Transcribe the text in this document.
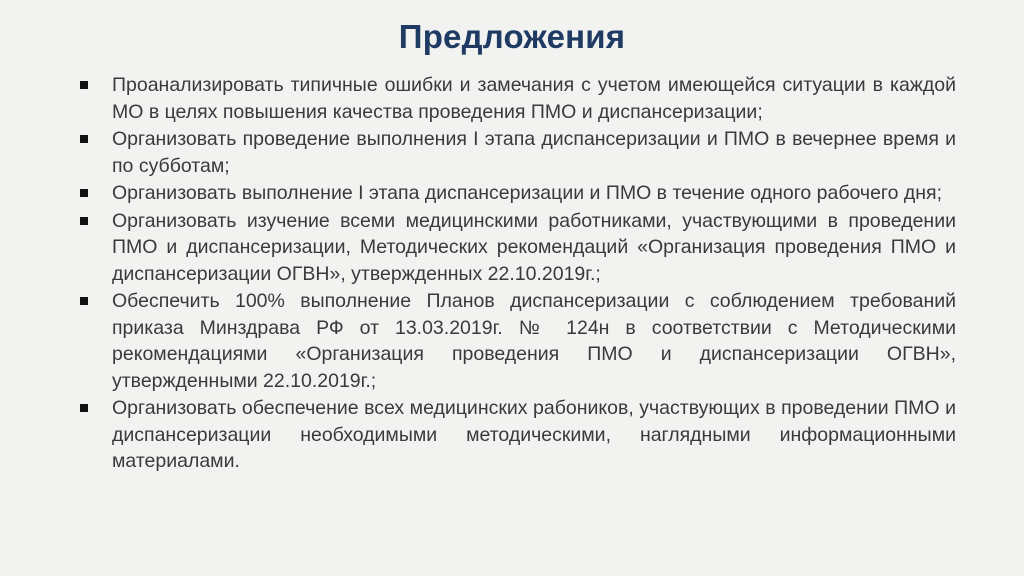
Предложения
Проанализировать типичные ошибки и замечания с учетом имеющейся ситуации в каждой МО в целях повышения качества проведения ПМО и диспансеризации;
Организовать проведение выполнения I этапа диспансеризации и ПМО в вечернее время и по субботам;
Организовать выполнение I этапа диспансеризации и ПМО в течение одного рабочего дня;
Организовать изучение всеми медицинскими работниками, участвующими в проведении ПМО и диспансеризации, Методических рекомендаций «Организация проведения ПМО и диспансеризации ОГВН», утвержденных 22.10.2019г.;
Обеспечить 100% выполнение Планов диспансеризации с соблюдением требований приказа Минздрава РФ от 13.03.2019г. № 124н в соответствии с Методическими рекомендациями «Организация проведения ПМО и диспансеризации ОГВН», утвержденными 22.10.2019г.;
Организовать обеспечение всех медицинских рабоников, участвующих в проведении ПМО и диспансеризации необходимыми методическими, наглядными информационными материалами.
